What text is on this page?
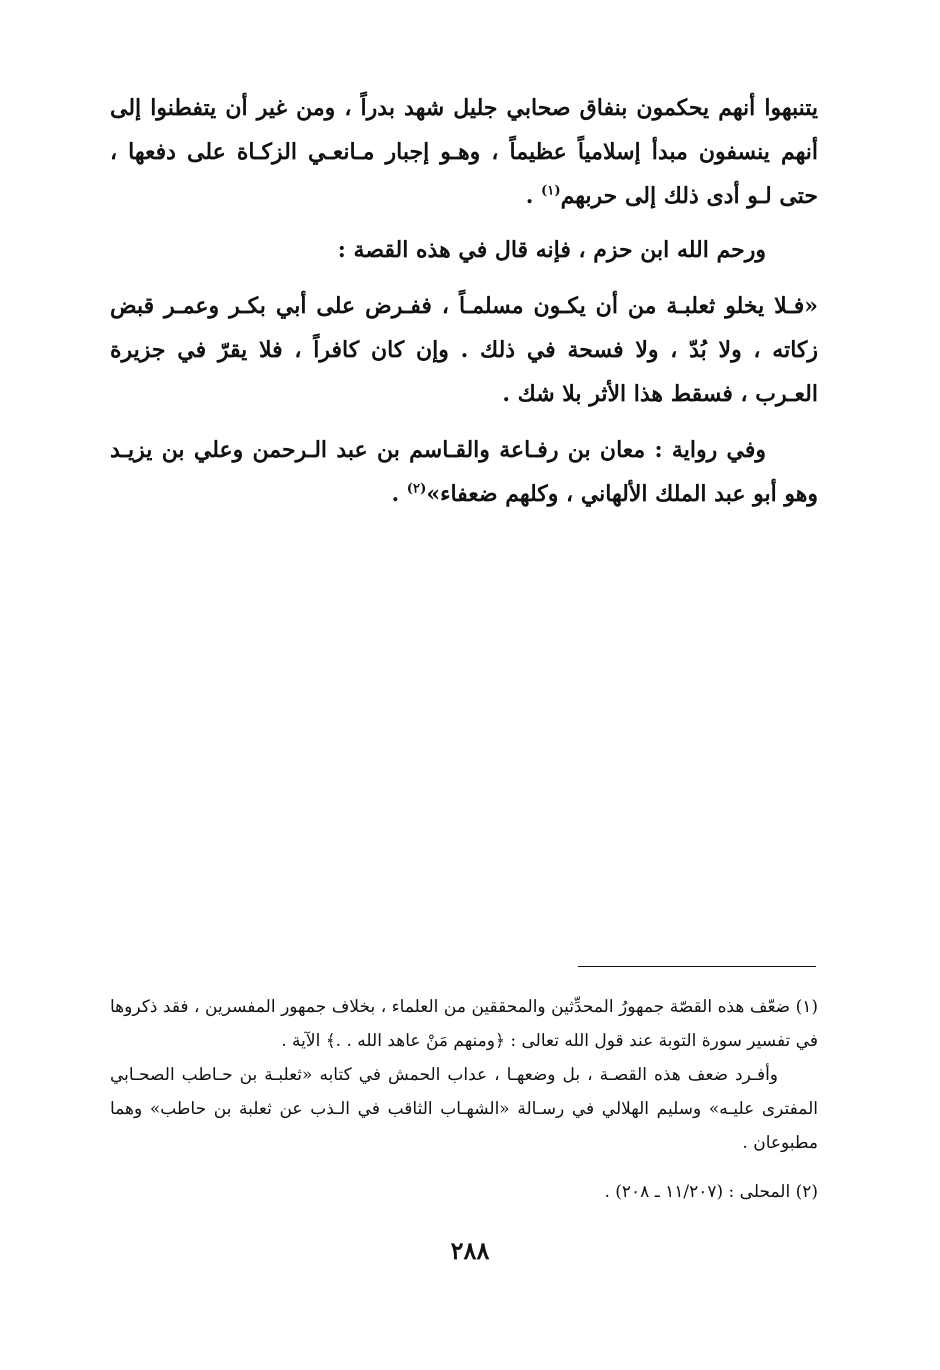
يتنبهوا أنهم يحكمون بنفاق صحابي جليل شهد بدراً ، ومن غير أن يتفطنوا إلى أنهم ينسفون مبدأ إسلامياً عظيماً ، وهـو إجبار مـانعـي الزكـاة على دفعها ، حتى لـو أدى ذلك إلى حربهم$^{(١)}$ .

ورحم الله ابن حزم ، فإنه قال في هذه القصة :

«فـلا يخلو ثعلبـة من أن يكـون مسلمـاً ، ففـرض على أبي بكـر وعمـر قبض زكاته ، ولا بُدّ ، ولا فسحة في ذلك . وإن كان كافراً ، فلا يقرّ في جزيرة العـرب ، فسقط هذا الأثر بلا شك .

وفي رواية : معان بن رفـاعة والقـاسم بن عبد الـرحمن وعلي بن يزيـد وهو أبو عبد الملك الألهاني ، وكلهم ضعفاء»$^{(٢)}$ .

(١) ضعّف هذه القصّة جمهورُ المحدِّثين والمحققين من العلماء ، بخلاف جمهور المفسرين ، فقد ذكروها في تفسير سورة التوبة عند قول الله تعالى : ﴿ومنهم مَنْ عاهد الله . .﴾ الآية .

وأفـرد ضعف هذه القصـة ، بل وضعهـا ، عداب الحمش في كتابه «ثعلبـة بن حـاطب الصحـابي المفترى عليـه» وسليم الهلالي في رسـالة «الشهـاب الثاقب في الـذب عن ثعلبة بن حاطب» وهما مطبوعان .

(٢) المحلى : (١١/٢٠٧ ـ ٢٠٨) .

٢٨٨
